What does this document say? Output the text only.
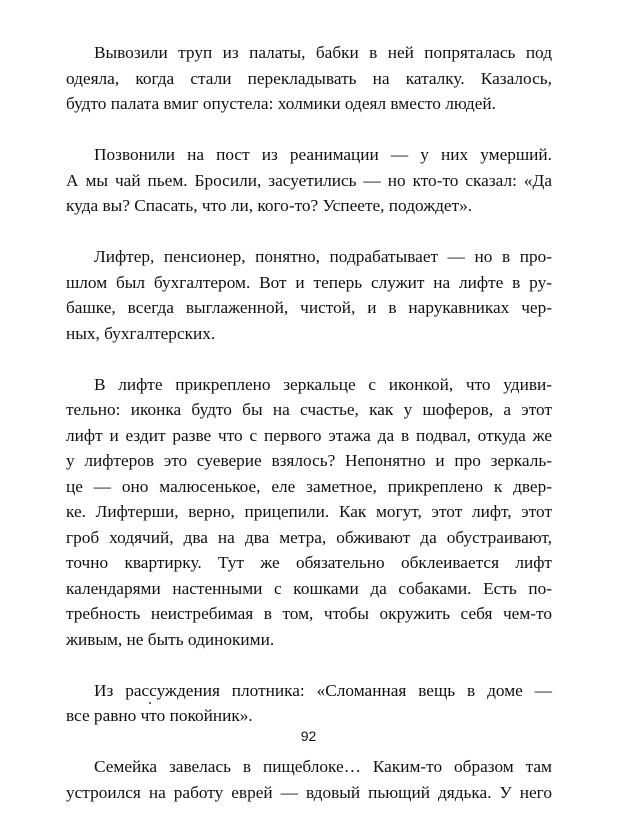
Вывозили труп из палаты, бабки в ней попряталась под
одеяла, когда стали перекладывать на каталку. Казалось,
будто палата вмиг опустела: холмики одеял вместо людей.
Позвонили на пост из реанимации — у них умерший.
А мы чай пьем. Бросили, засуетились — но кто-то сказал: «Да
куда вы? Спасать, что ли, кого-то? Успеете, подождет».
Лифтер, пенсионер, понятно, подрабатывает — но в про-
шлом был бухгалтером. Вот и теперь служит на лифте в ру-
башке, всегда выглаженной, чистой, и в нарукавниках чер-
ных, бухгалтерских.
В лифте прикреплено зеркальце с иконкой, что удиви-
тельно: иконка будто бы на счастье, как у шоферов, а этот
лифт и ездит разве что с первого этажа да в подвал, откуда же
у лифтеров это суеверие взялось? Непонятно и про зеркаль-
це — оно малюсенькое, еле заметное, прикреплено к двер-
ке. Лифтерши, верно, прицепили. Как могут, этот лифт, этот
гроб ходячий, два на два метра, обживают да обустраивают,
точно квартирку. Тут же обязательно обклеивается лифт
календарями настенными с кошками да собаками. Есть по-
требность неистребимая в том, чтобы окружить себя чем-то
живым, не быть одинокими.
Из рассуждения плотника: «Сломанная вещь в доме —
все равно что покойник».
Семейка завелась в пищеблоке… Каким-то образом там
устроился на работу еврей — вдовый пьющий дядька. У него
92
